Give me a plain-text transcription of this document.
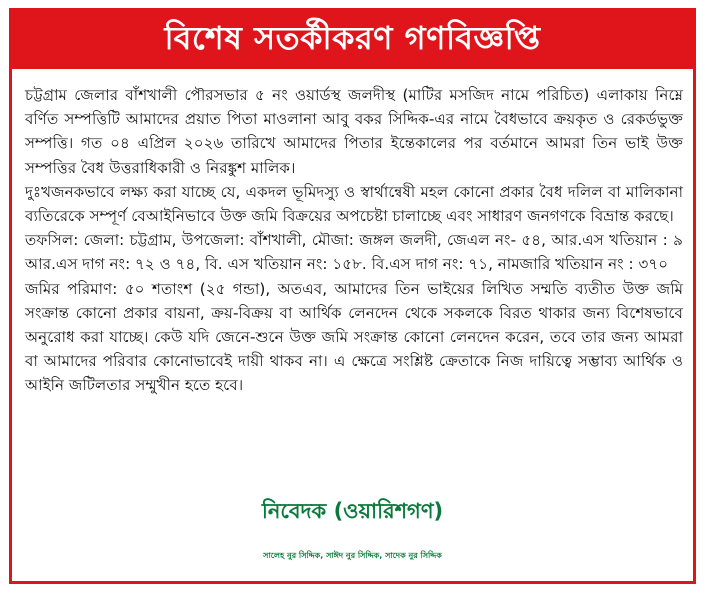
বিশেষ সতর্কীকরণ গণবিজ্ঞপ্তি

চট্টগ্রাম জেলার বাঁশখালী পৌরসভার ৫ নং ওয়ার্ডস্থ জলদীস্থ (মাটির মসজিদ নামে পরিচিত) এলাকায় নিম্নে বর্ণিত সম্পত্তিটি আমাদের প্রয়াত পিতা মাওলানা আবু বকর সিদ্দিক-এর নামে বৈধভাবে ক্রয়কৃত ও রেকর্ডভুক্ত সম্পত্তি। গত ০৪ এপ্রিল ২০২৬ তারিখে আমাদের পিতার ইন্তেকালের পর বর্তমানে আমরা তিন ভাই উক্ত সম্পত্তির বৈধ উত্তরাধিকারী ও নিরঙ্কুশ মালিক।

দুঃখজনকভাবে লক্ষ্য করা যাচ্ছে যে, একদল ভূমিদস্যু ও স্বার্থান্বেষী মহল কোনো প্রকার বৈধ দলিল বা মালিকানা ব্যতিরেকে সম্পূর্ণ বেআইনিভাবে উক্ত জমি বিক্রয়ের অপচেষ্টা চালাচ্ছে এবং সাধারণ জনগণকে বিভ্রান্ত করছে।

তফসিল: জেলা: চট্টগ্রাম, উপজেলা: বাঁশখালী, মৌজা: জঙ্গল জলদী, জেএল নং- ৫৪, আর.এস খতিয়ান : ৯ আর.এস দাগ নং: ৭২ ও ৭৪, বি. এস খতিয়ান নং: ১৫৮. বি.এস দাগ নং: ৭১, নামজারি খতিয়ান নং : ৩৭০

জমির পরিমাণ: ৫০ শতাংশ (২৫ গন্ডা), অতএব, আমাদের তিন ভাইয়ের লিখিত সম্মতি ব্যতীত উক্ত জমি সংক্রান্ত কোনো প্রকার বায়না, ক্রয়-বিক্রয় বা আর্থিক লেনদেন থেকে সকলকে বিরত থাকার জন্য বিশেষভাবে অনুরোধ করা যাচ্ছে। কেউ যদি জেনে-শুনে উক্ত জমি সংক্রান্ত কোনো লেনদেন করেন, তবে তার জন্য আমরা বা আমাদের পরিবার কোনোভাবেই দায়ী থাকব না। এ ক্ষেত্রে সংশ্লিষ্ট ক্রেতাকে নিজ দায়িত্বে সম্ভাব্য আর্থিক ও আইনি জটিলতার সম্মুখীন হতে হবে।

নিবেদক (ওয়ারিশগণ)
সালেহ নুর সিদ্দিক, সাঈদ নুর সিদ্দিক, সাদেক নুর সিদ্দিক
